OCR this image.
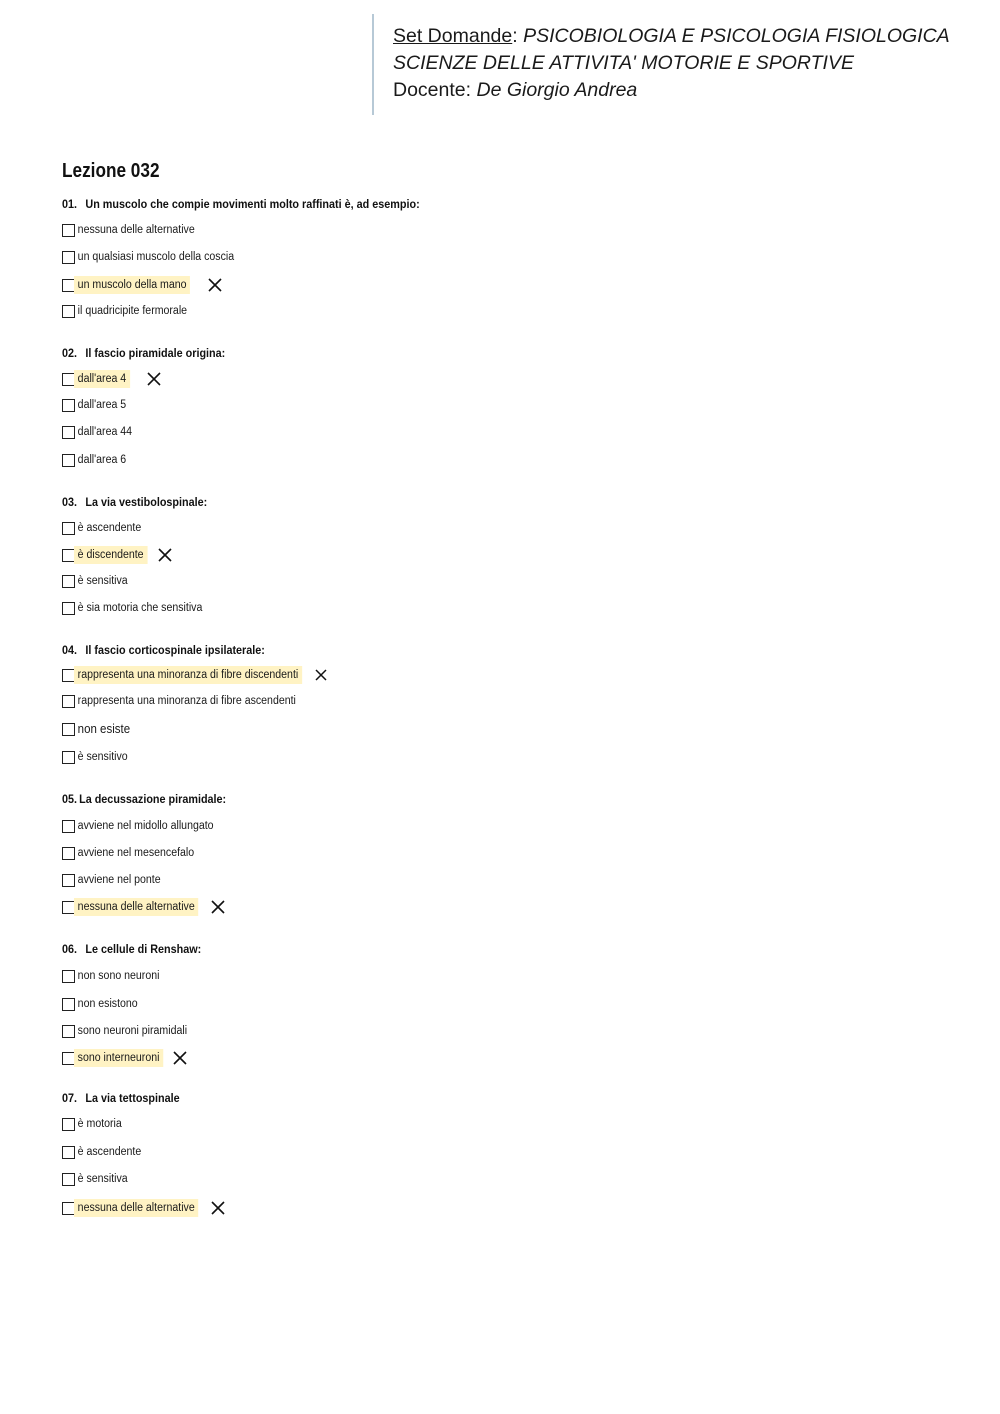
Set Domande: PSICOBIOLOGIA E PSICOLOGIA FISIOLOGICA
SCIENZE DELLE ATTIVITA' MOTORIE E SPORTIVE
Docente: De Giorgio Andrea
Lezione 032
01. Un muscolo che compie movimenti molto raffinati è, ad esempio:
nessuna delle alternative
un qualsiasi muscolo della coscia
un muscolo della mano
il quadricipite fermorale
02. Il fascio piramidale origina:
dall'area 4
dall'area 5
dall'area 44
dall'area 6
03. La via vestibolospinale:
è ascendente
è discendente
è sensitiva
è sia motoria che sensitiva
04. Il fascio corticospinale ipsilaterale:
rappresenta una minoranza di fibre discendenti
rappresenta una minoranza di fibre ascendenti
non esiste
è sensitivo
05. La decussazione piramidale:
avviene nel midollo allungato
avviene nel mesencefalo
avviene nel ponte
nessuna delle alternative
06. Le cellule di Renshaw:
non sono neuroni
non esistono
sono neuroni piramidali
sono interneuroni
07. La via tettospinale
è motoria
è ascendente
è sensitiva
nessuna delle alternative
